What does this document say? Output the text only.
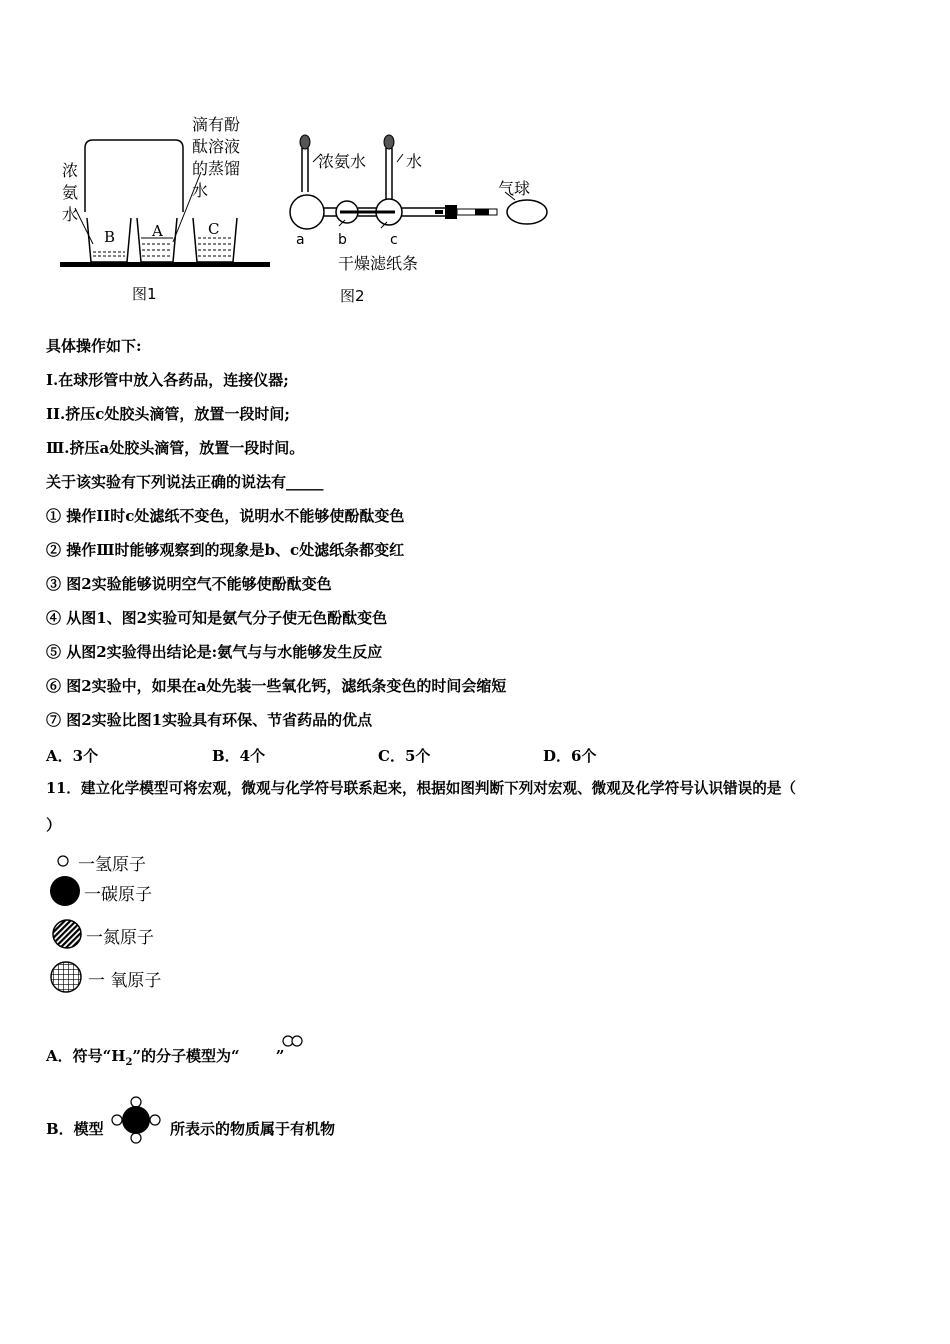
浓
氨
水
滴有酚
酞溶液
的蒸馏
水
B A	C
图1
浓氨水 水
气球
a b	c
干燥滤纸条
图2
具体操作如下:
I.在球形管中放入各药品，连接仪器;
II.挤压c处胶头滴管，放置一段时间;
Ⅲ.挤压a处胶头滴管，放置一段时间。
关于该实验有下列说法正确的说法有_____
① 操作II时c处滤纸不变色，说明水不能够使酚酞变色
② 操作Ⅲ时能够观察到的现象是b、c处滤纸条都变红
③ 图2实验能够说明空气不能够使酚酞变色
④ 从图1、图2实验可知是氨气分子使无色酚酞变色
⑤ 从图2实验得出结论是:氨气与与水能够发生反应
⑥ 图2实验中，如果在a处先装一些氧化钙，滤纸条变色的时间会缩短
⑦ 图2实验比图1实验具有环保、节省药品的优点
A．3个	B．4个	C．5个	D．6个
11．建立化学模型可将宏观，微观与化学符号联系起来，根据如图判断下列对宏观、微观及化学符号认识错误的是（
）
一氢原子
一碳原子
一氮原子
一 氧原子
A．符号“$H_2$”的分子模型为“ ”
B．模型	所表示的物质属于有机物
